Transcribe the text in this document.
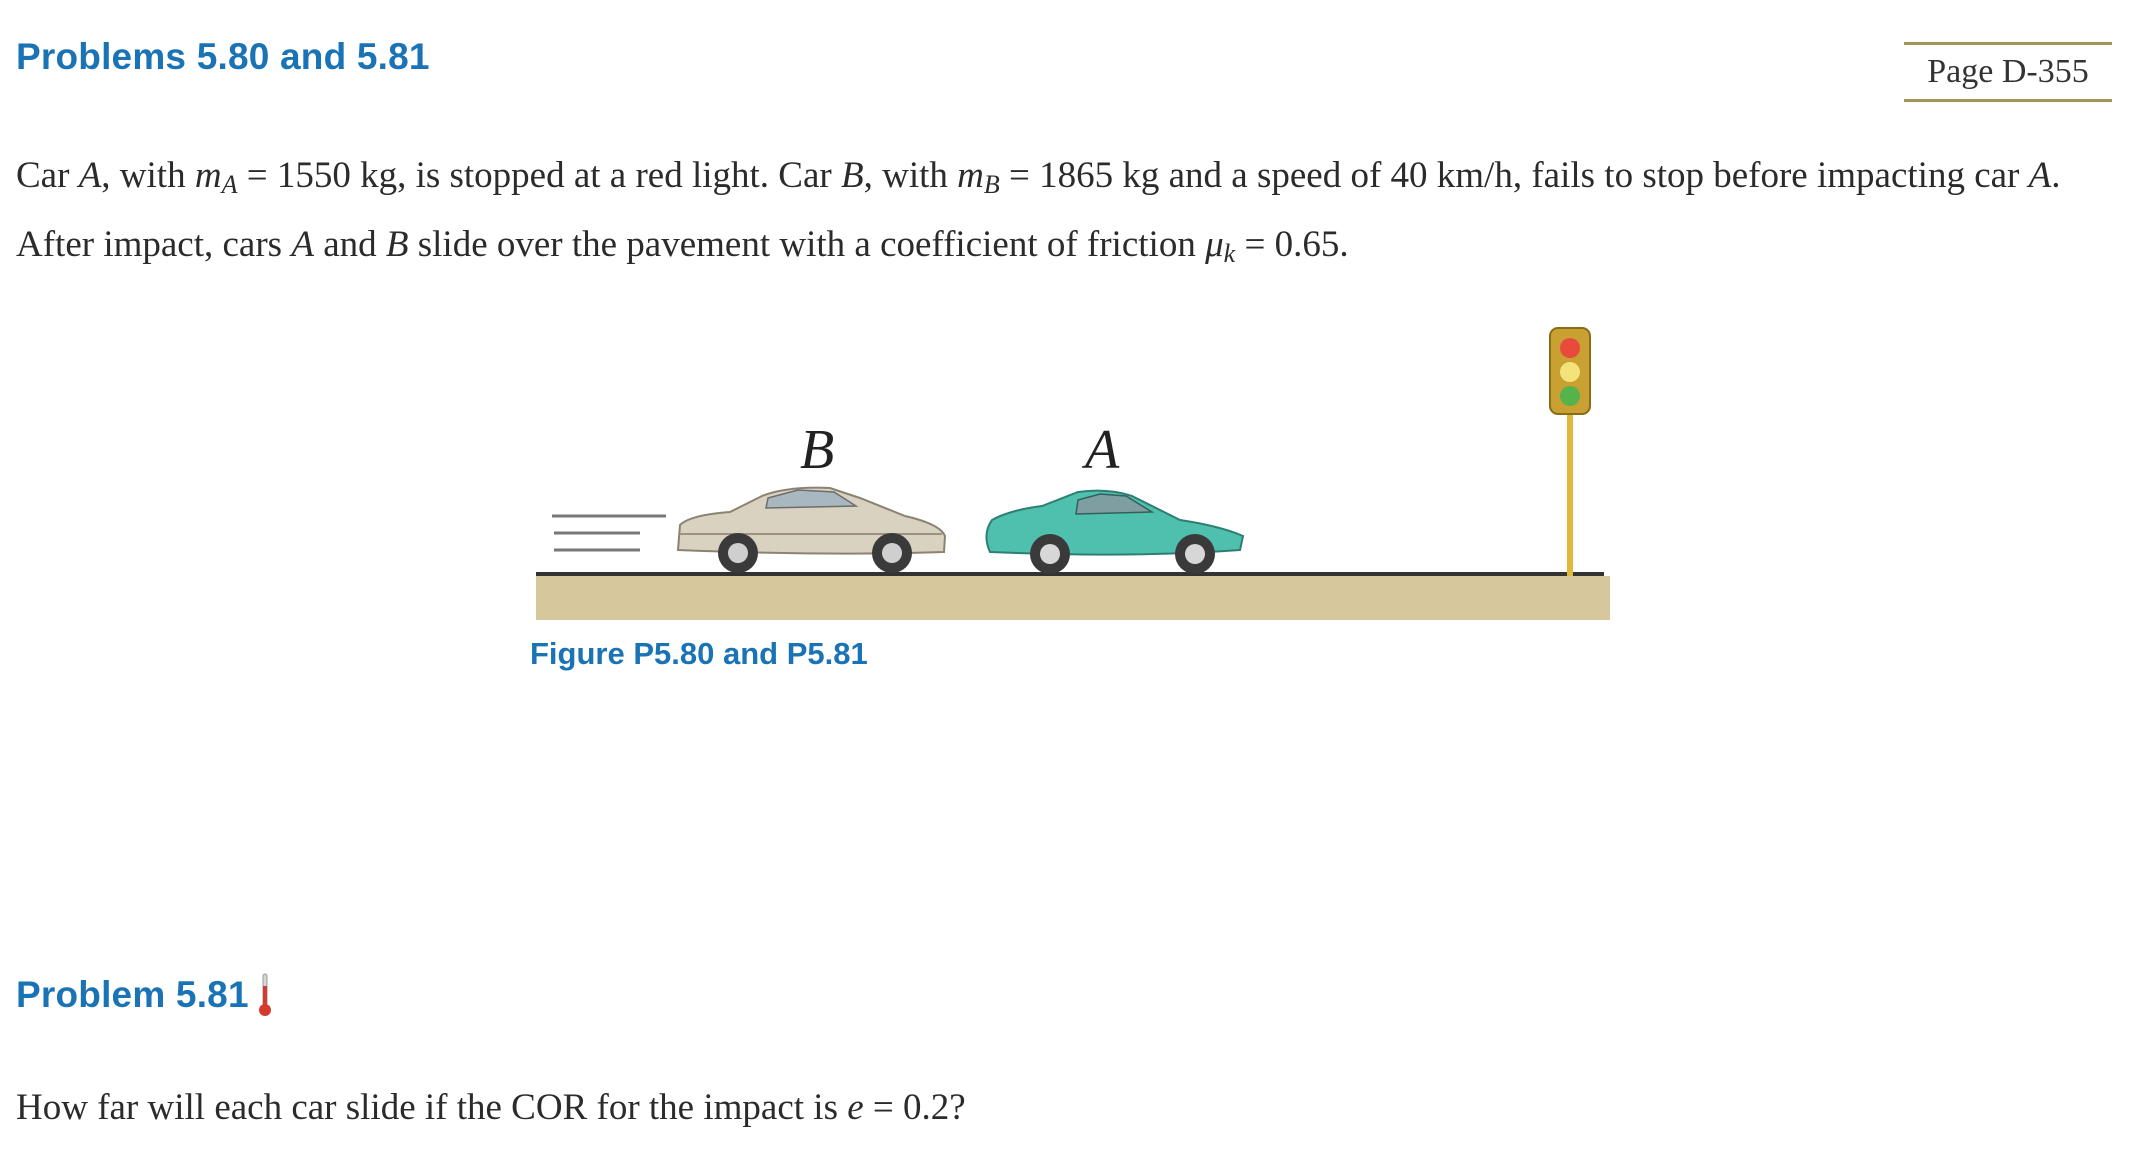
Problems 5.80 and 5.81	Page D-355

Car A, with $m_A = 1550$ kg, is stopped at a red light. Car B, with $m_B = 1865$ kg and a speed of 40 km/h, fails to stop before impacting car A. After impact, cars A and B slide over the pavement with a coefficient of friction $\mu_k = 0.65$.

B	A
Figure P5.80 and P5.81
Problem 5.81

How far will each car slide if the COR for the impact is e = 0.2?
